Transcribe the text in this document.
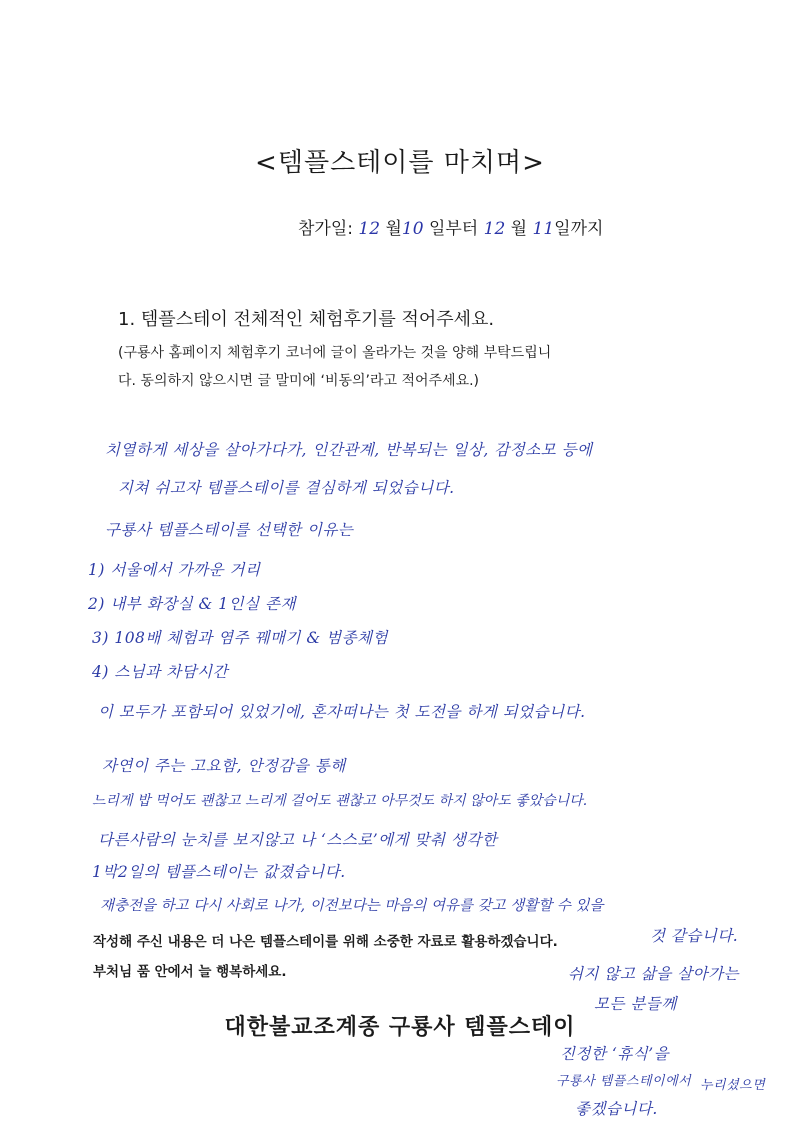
<템플스테이를 마치며>
참가일: 12 월10 일부터 12 월 11일까지
1. 템플스테이 전체적인 체험후기를 적어주세요.
(구룡사 홈페이지 체험후기 코너에 글이 올라가는 것을 양해 부탁드립니
다. 동의하지 않으시면 글 말미에 ‘비동의’라고 적어주세요.)
치열하게 세상을 살아가다가, 인간관계, 반복되는 일상, 감정소모 등에
지쳐 쉬고자 템플스테이를 결심하게 되었습니다.
구룡사 템플스테이를 선택한 이유는
1) 서울에서 가까운 거리
2) 내부 화장실 & 1인실 존재
3) 108배 체험과 염주 꿰매기 & 범종체험
4) 스님과 차담시간
이 모두가 포함되어 있었기에, 혼자떠나는 첫 도전을 하게 되었습니다.
자연이 주는 고요함, 안정감을 통해
느리게 밥 먹어도 괜찮고 느리게 걸어도 괜찮고 아무것도 하지 않아도 좋았습니다.
다른사람의 눈치를 보지않고 나 ‘스스로’에게 맞춰 생각한
1박2일의 템플스테이는 값졌습니다.
재충전을 하고 다시 사회로 나가, 이전보다는 마음의 여유를 갖고 생활할 수 있을
것 같습니다.
쉬지 않고 삶을 살아가는
모든 분들께
진정한 ‘휴식’을
구룡사 템플스테이에서 누리셨으면
좋겠습니다.
작성해 주신 내용은 더 나은 템플스테이를 위해 소중한 자료로 활용하겠습니다.
부처님 품 안에서 늘 행복하세요.
대한불교조계종 구룡사 템플스테이
